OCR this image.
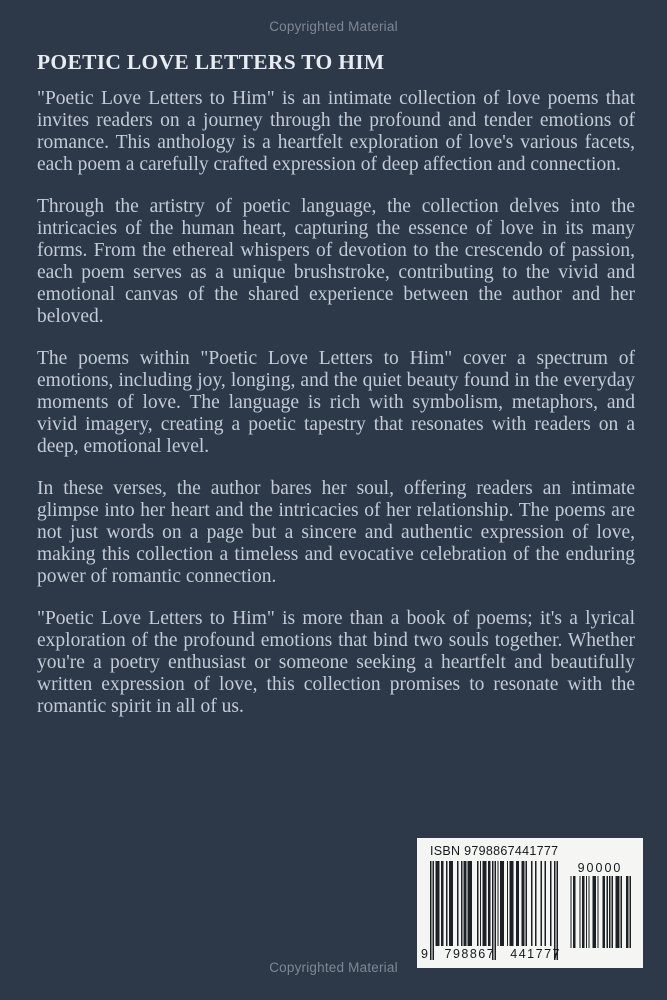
Copyrighted Material
POETIC LOVE LETTERS TO HIM

"Poetic Love Letters to Him" is an intimate collection of love poems that invites readers on a journey through the profound and tender emotions of romance. This anthology is a heartfelt exploration of love's various facets, each poem a carefully crafted expression of deep affection and connection.

Through the artistry of poetic language, the collection delves into the intricacies of the human heart, capturing the essence of love in its many forms. From the ethereal whispers of devotion to the crescendo of passion, each poem serves as a unique brushstroke, contributing to the vivid and emotional canvas of the shared experience between the author and her beloved.

The poems within "Poetic Love Letters to Him" cover a spectrum of emotions, including joy, longing, and the quiet beauty found in the everyday moments of love. The language is rich with symbolism, metaphors, and vivid imagery, creating a poetic tapestry that resonates with readers on a deep, emotional level.

In these verses, the author bares her soul, offering readers an intimate glimpse into her heart and the intricacies of her relationship. The poems are not just words on a page but a sincere and authentic expression of love, making this collection a timeless and evocative celebration of the enduring power of romantic connection.

"Poetic Love Letters to Him" is more than a book of poems; it's a lyrical exploration of the profound emotions that bind two souls together. Whether you're a poetry enthusiast or someone seeking a heartfelt and beautifully written expression of love, this collection promises to resonate with the romantic spirit in all of us.

ISBN 9798867441777
9 798867 441777
90000
Copyrighted Material
